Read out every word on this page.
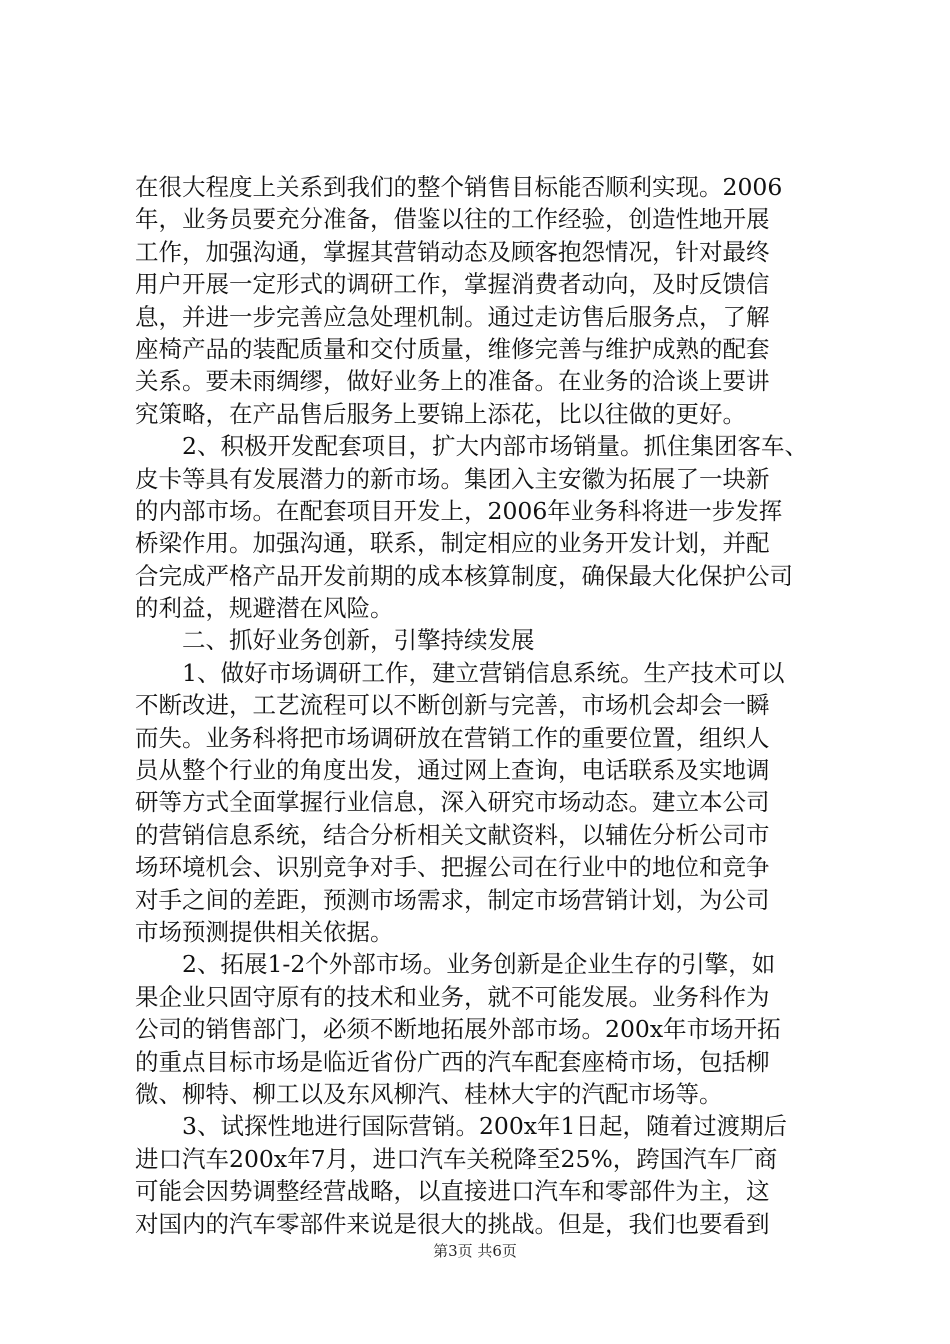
在很大程度上关系到我们的整个销售目标能否顺利实现。2006
年，业务员要充分准备，借鉴以往的工作经验，创造性地开展
工作，加强沟通，掌握其营销动态及顾客抱怨情况，针对最终
用户开展一定形式的调研工作，掌握消费者动向，及时反馈信
息，并进一步完善应急处理机制。通过走访售后服务点，了解
座椅产品的装配质量和交付质量，维修完善与维护成熟的配套
关系。要未雨绸缪，做好业务上的准备。在业务的洽谈上要讲
究策略，在产品售后服务上要锦上添花，比以往做的更好。
2、积极开发配套项目，扩大内部市场销量。抓住集团客车、
皮卡等具有发展潜力的新市场。集团入主安徽为拓展了一块新
的内部市场。在配套项目开发上，2006年业务科将进一步发挥
桥梁作用。加强沟通，联系，制定相应的业务开发计划，并配
合完成严格产品开发前期的成本核算制度，确保最大化保护公司
的利益，规避潜在风险。
二、抓好业务创新，引擎持续发展
1、做好市场调研工作，建立营销信息系统。生产技术可以
不断改进，工艺流程可以不断创新与完善，市场机会却会一瞬
而失。业务科将把市场调研放在营销工作的重要位置，组织人
员从整个行业的角度出发，通过网上查询，电话联系及实地调
研等方式全面掌握行业信息，深入研究市场动态。建立本公司
的营销信息系统，结合分析相关文献资料，以辅佐分析公司市
场环境机会、识别竞争对手、把握公司在行业中的地位和竞争
对手之间的差距，预测市场需求，制定市场营销计划，为公司
市场预测提供相关依据。
2、拓展1-2个外部市场。业务创新是企业生存的引擎，如
果企业只固守原有的技术和业务，就不可能发展。业务科作为
公司的销售部门，必须不断地拓展外部市场。200x年市场开拓
的重点目标市场是临近省份广西的汽车配套座椅市场，包括柳
微、柳特、柳工以及东风柳汽、桂林大宇的汽配市场等。
3、试探性地进行国际营销。200x年1日起，随着过渡期后
进口汽车200x年7月，进口汽车关税降至25%，跨国汽车厂商
可能会因势调整经营战略，以直接进口汽车和零部件为主，这
对国内的汽车零部件来说是很大的挑战。但是，我们也要看到
第3页 共6页
